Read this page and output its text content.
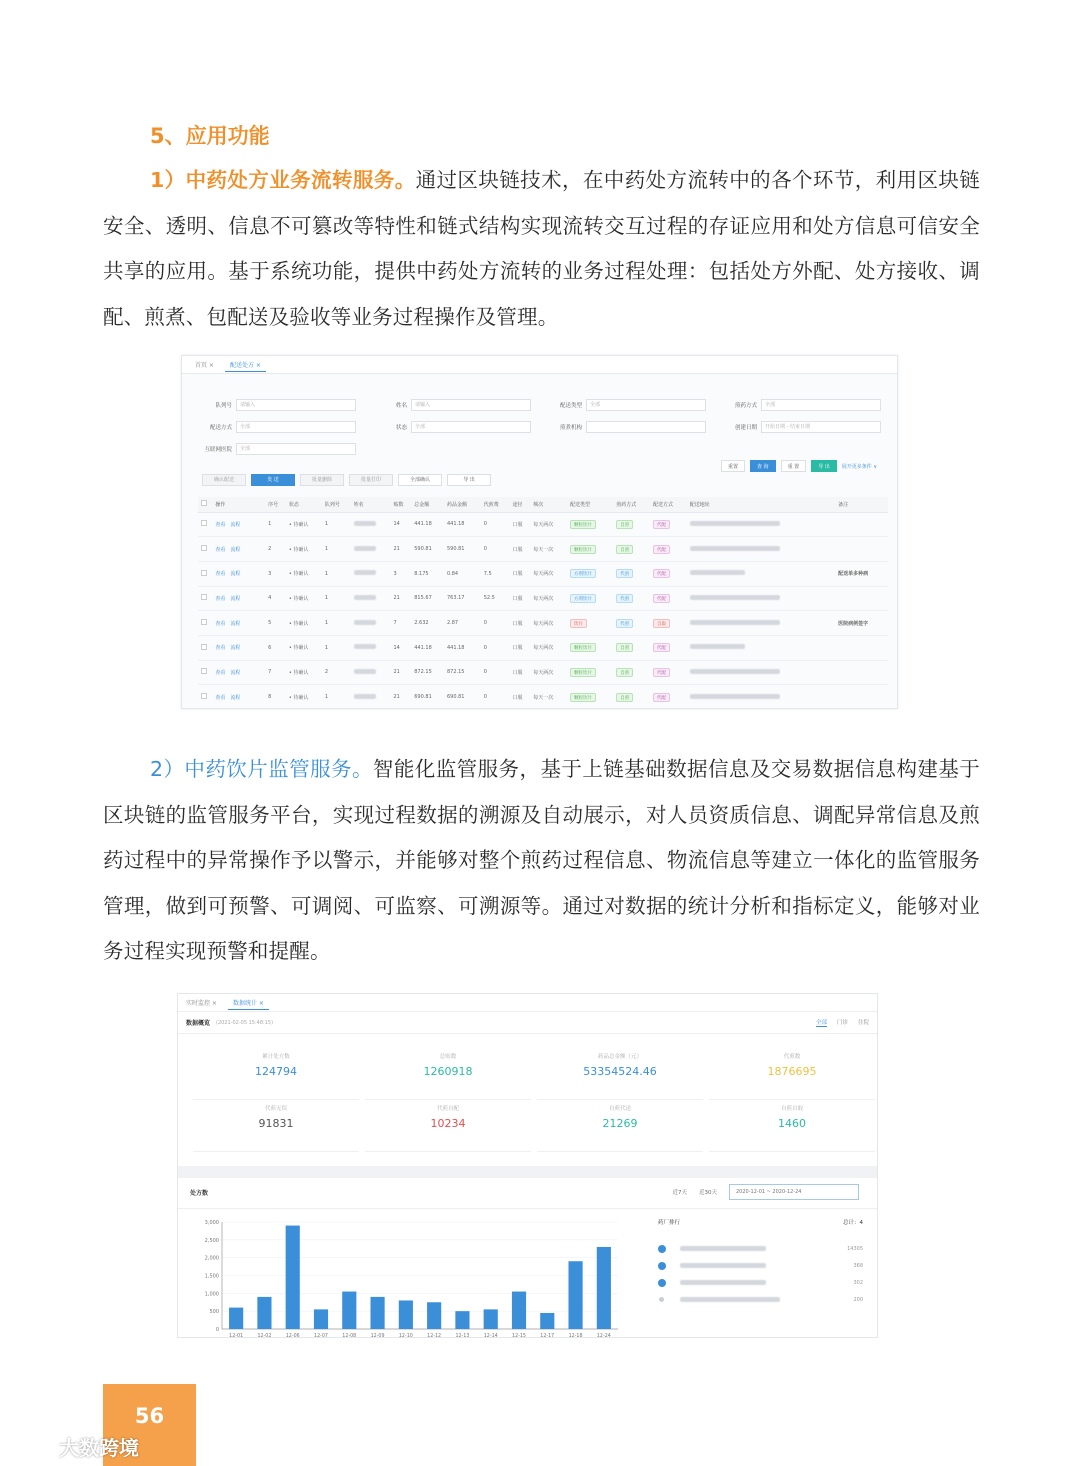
5、应用功能
1）中药处方业务流转服务。通过区块链技术，在中药处方流转中的各个环节，利用区块链安全、透明、信息不可篡改等特性和链式结构实现流转交互过程的存证应用和处方信息可信安全共享的应用。基于系统功能，提供中药处方流转的业务过程处理：包括处方外配、处方接收、调配、煎煮、包配送及验收等业务过程操作及管理。
首页 ×	配送处方 ×
队列号	请输入	姓名	请输入	配送类型	全部	煎药方式	全部
配送方式	全部	状态	全部	煎煮机构	创建日期	开始日期 - 结束日期
互联网医院	全部
重置	查 询	重 置	导 出	展开更多条件 ∨
确认配送	发 送	批量删除	批量打印	全部确认	导 出
	操作	序号	状态	队列号	姓名	贴数	总金额	药品金额	代煎费	途径	频次	配送类型	煎药方式	配送方式	配送地址	备注
	查看 流程	1	• 待确认	1		14	441.18	441.18	0	口服	每天两次	颗粒饮片	自煎	代配		
	查看 流程	2	• 待确认	1		21	590.81	590.81	0	口服	每天一次	颗粒饮片	自煎	代配		
	查看 流程	3	• 待确认	1		3	8.175	0.84	7.5	口服	每天两次	方剂饮片	代煎	代配		配送单多种病
	查看 流程	4	• 待确认	1		21	815.67	763.17	52.5	口服	每天两次	方剂饮片	代煎	代配		
	查看 流程	5	• 待确认	1		7	2.632	2.87	0	口服	每天两次	饮片	代煎	自取		医院病例签字
	查看 流程	6	• 待确认	1		14	441.18	441.18	0	口服	每天两次	颗粒饮片	自煎	代配		
	查看 流程	7	• 待确认	2		21	872.15	872.15	0	口服	每天两次	颗粒饮片	自煎	代配		
	查看 流程	8	• 待确认	1		21	690.81	690.81	0	口服	每天一次	颗粒饮片	自煎	代配		
2）中药饮片监管服务。智能化监管服务，基于上链基础数据信息及交易数据信息构建基于区块链的监管服务平台，实现过程数据的溯源及自动展示，对人员资质信息、调配异常信息及煎药过程中的异常操作予以警示，并能够对整个煎药过程信息、物流信息等建立一体化的监管服务管理，做到可预警、可调阅、可监察、可溯源等。通过对数据的统计分析和指标定义，能够对业务过程实现预警和提醒。
实时监控 ×	数据统计 ×
数据概览 (2021-02-05 15:48:15)	全部 门诊 住院
累计处方数
124794
总贴数
1260918
药品总金额（元）
53354524.46
代煎数
1876695
代煎无误
91831
代煎自配
10234
自煎代送
21269
自煎自取
1460
处方数	近7天 近30天	2020-12-01 ~ 2020-12-24
0
500
1,000
1,500
2,000
2,500
3,000
12-01	12-02	12-06	12-07	12-08	12-09	12-10	12-12	12-13	12-14	12-15	12-17	12-18	12-24
药厂排行	总计：4
14305
368
302
200
56
大数跨境
